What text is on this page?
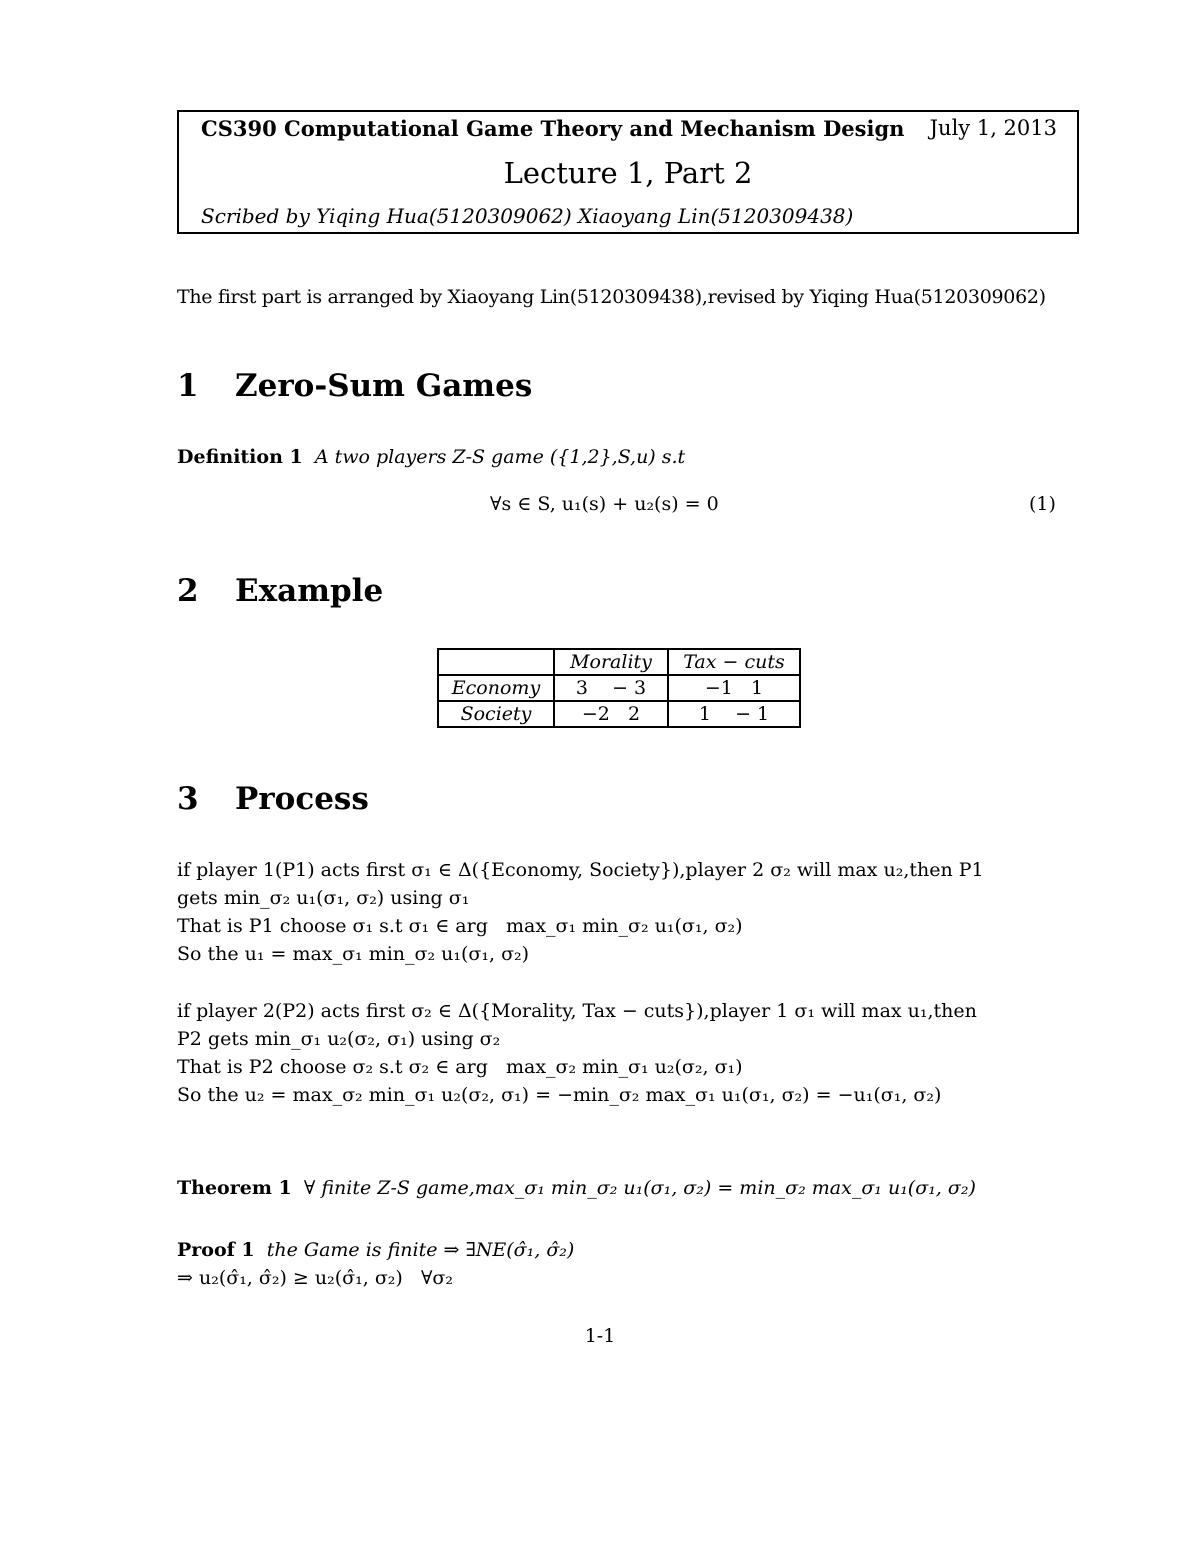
CS390 Computational Game Theory and Mechanism Design July 1, 2013
Lecture 1, Part 2
Scribed by Yiqing Hua(5120309062) Xiaoyang Lin(5120309438)
The first part is arranged by Xiaoyang Lin(5120309438),revised by Yiqing Hua(5120309062)
1 Zero-Sum Games
Definition 1 A two players Z-S game ({1,2},S,u) s.t
∀s ∈ S, u₁(s) + u₂(s) = 0	(1)
2 Example
	Morality	Tax − cuts
Economy	3    − 3	−1   1
Society	−2   2	1    − 1
3 Process
if player 1(P1) acts first σ₁ ∈ Δ({Economy, Society}),player 2 σ₂ will max u₂,then P1
gets min_σ₂ u₁(σ₁, σ₂) using σ₁
That is P1 choose σ₁ s.t σ₁ ∈ arg   max_σ₁ min_σ₂ u₁(σ₁, σ₂)
So the u₁ = max_σ₁ min_σ₂ u₁(σ₁, σ₂)
if player 2(P2) acts first σ₂ ∈ Δ({Morality, Tax − cuts}),player 1 σ₁ will max u₁,then
P2 gets min_σ₁ u₂(σ₂, σ₁) using σ₂
That is P2 choose σ₂ s.t σ₂ ∈ arg   max_σ₂ min_σ₁ u₂(σ₂, σ₁)
So the u₂ = max_σ₂ min_σ₁ u₂(σ₂, σ₁) = −min_σ₂ max_σ₁ u₁(σ₁, σ₂) = −u₁(σ₁, σ₂)
Theorem 1 ∀ finite Z-S game,max_σ₁ min_σ₂ u₁(σ₁, σ₂) = min_σ₂ max_σ₁ u₁(σ₁, σ₂)
Proof 1 the Game is finite ⇒ ∃NE(σ̂₁, σ̂₂)
⇒ u₂(σ̂₁, σ̂₂) ≥ u₂(σ̂₁, σ₂)   ∀σ₂
1-1
